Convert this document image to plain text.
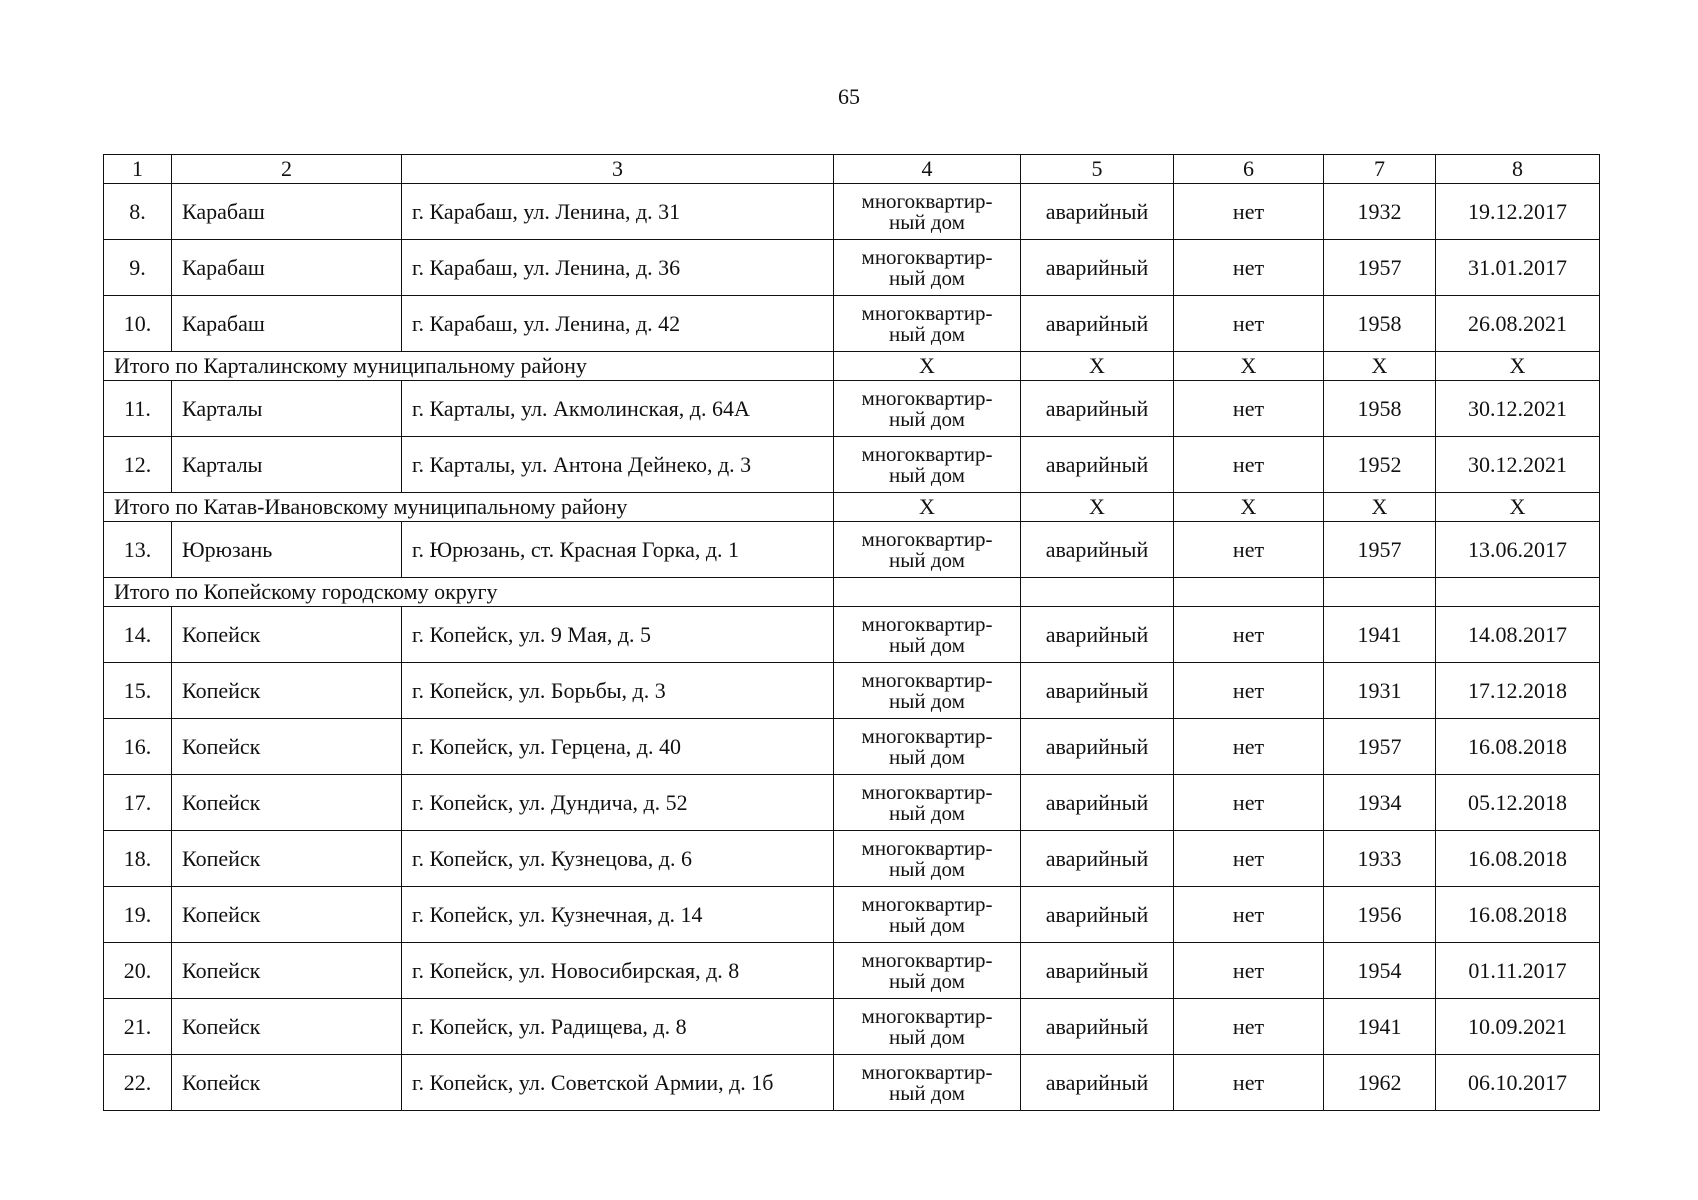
65
1	2	3	4	5	6	7	8
8.	Карабаш	г. Карабаш, ул. Ленина, д. 31	многоквартир-
ный дом	аварийный	нет	1932	19.12.2017
9.	Карабаш	г. Карабаш, ул. Ленина, д. 36	многоквартир-
ный дом	аварийный	нет	1957	31.01.2017
10.	Карабаш	г. Карабаш, ул. Ленина, д. 42	многоквартир-
ный дом	аварийный	нет	1958	26.08.2021
Итого по Карталинскому муниципальному району			X	X	X	X	X
11.	Карталы	г. Карталы, ул. Акмолинская, д. 64А	многоквартир-
ный дом	аварийный	нет	1958	30.12.2021
12.	Карталы	г. Карталы, ул. Антона Дейнеко, д. 3	многоквартир-
ный дом	аварийный	нет	1952	30.12.2021
Итого по Катав-Ивановскому муниципальному району			X	X	X	X	X
13.	Юрюзань	г. Юрюзань, ст. Красная Горка, д. 1	многоквартир-
ный дом	аварийный	нет	1957	13.06.2017
Итого по Копейскому городскому округу							
14.	Копейск	г. Копейск, ул. 9 Мая, д. 5	многоквартир-
ный дом	аварийный	нет	1941	14.08.2017
15.	Копейск	г. Копейск, ул. Борьбы, д. 3	многоквартир-
ный дом	аварийный	нет	1931	17.12.2018
16.	Копейск	г. Копейск, ул. Герцена, д. 40	многоквартир-
ный дом	аварийный	нет	1957	16.08.2018
17.	Копейск	г. Копейск, ул. Дундича, д. 52	многоквартир-
ный дом	аварийный	нет	1934	05.12.2018
18.	Копейск	г. Копейск, ул. Кузнецова, д. 6	многоквартир-
ный дом	аварийный	нет	1933	16.08.2018
19.	Копейск	г. Копейск, ул. Кузнечная, д. 14	многоквартир-
ный дом	аварийный	нет	1956	16.08.2018
20.	Копейск	г. Копейск, ул. Новосибирская, д. 8	многоквартир-
ный дом	аварийный	нет	1954	01.11.2017
21.	Копейск	г. Копейск, ул. Радищева, д. 8	многоквартир-
ный дом	аварийный	нет	1941	10.09.2021
22.	Копейск	г. Копейск, ул. Советской Армии, д. 1б	многоквартир-
ный дом	аварийный	нет	1962	06.10.2017
